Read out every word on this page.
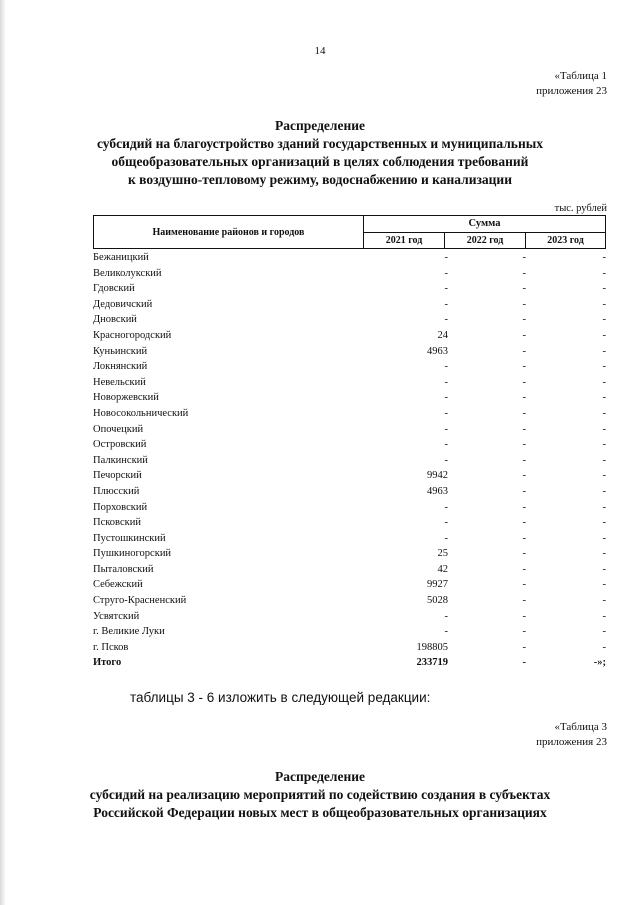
14
«Таблица 1
приложения 23
Распределение
субсидий на благоустройство зданий государственных и муниципальных
общеобразовательных организаций в целях соблюдения требований
к воздушно-тепловому режиму, водоснабжению и канализации
тыс. рублей
Наименование районов и городов
Сумма
2021 год	2022 год	2023 год
Бежаницкий	-	-	-
Великолукский	-	-	-
Гдовский	-	-	-
Дедовичский	-	-	-
Дновский	-	-	-
Красногородский	24	-	-
Куньинский	4963	-	-
Локнянский	-	-	-
Невельский	-	-	-
Новоржевский	-	-	-
Новосокольнический	-	-	-
Опочецкий	-	-	-
Островский	-	-	-
Палкинский	-	-	-
Печорский	9942	-	-
Плюсский	4963	-	-
Порховский	-	-	-
Псковский	-	-	-
Пустошкинский	-	-	-
Пушкиногорский	25	-	-
Пыталовский	42	-	-
Себежский	9927	-	-
Струго-Красненский	5028	-	-
Усвятский	-	-	-
г. Великие Луки	-	-	-
г. Псков	198805	-	-
Итого	233719	-	-»;
таблицы 3 - 6 изложить в следующей редакции:
«Таблица 3
приложения 23
Распределение
субсидий на реализацию мероприятий по содействию создания в субъектах
Российской Федерации новых мест в общеобразовательных организациях
